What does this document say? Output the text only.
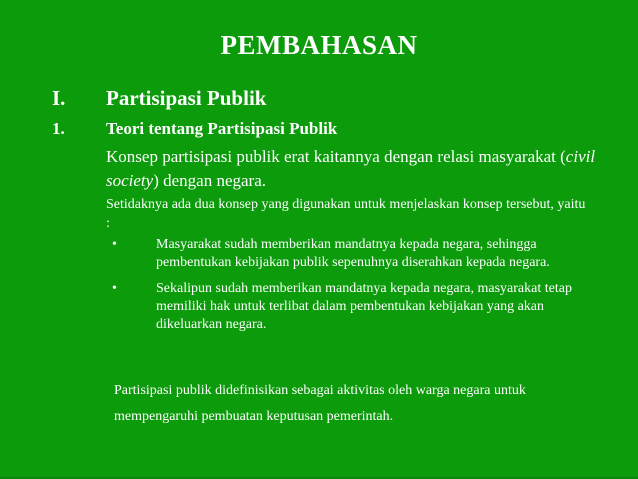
PEMBAHASAN
I. Partisipasi Publik
1. Teori tentang Partisipasi Publik
Konsep partisipasi publik erat kaitannya dengan relasi masyarakat (civil society) dengan negara.
Setidaknya ada dua konsep yang digunakan untuk menjelaskan konsep tersebut, yaitu :
•	Masyarakat sudah memberikan mandatnya kepada negara, sehingga pembentukan kebijakan publik sepenuhnya diserahkan kepada negara.
•	Sekalipun sudah memberikan mandatnya kepada negara, masyarakat tetap memiliki hak untuk terlibat dalam pembentukan kebijakan yang akan dikeluarkan negara.
Partisipasi publik didefinisikan sebagai aktivitas oleh warga negara untuk mempengaruhi pembuatan keputusan pemerintah.
